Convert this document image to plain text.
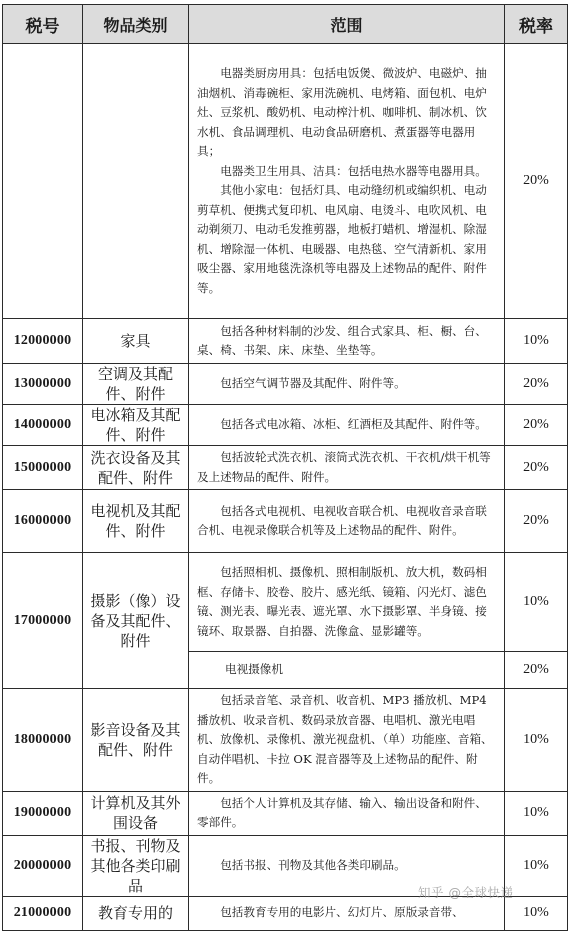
税号	物品类别	范围	税率

		电器类厨房用具：包括电饭煲、微波炉、电磁炉、抽油烟机、消毒碗柜、家用洗碗机、电烤箱、面包机、电炉灶、豆浆机、酸奶机、电动榨汁机、咖啡机、制冰机、饮水机、食品调理机、电动食品研磨机、煮蛋器等电器用具；
电器类卫生用具、洁具：包括电热水器等电器用具。
其他小家电：包括灯具、电动缝纫机或编织机、电动剪草机、便携式复印机、电风扇、电烫斗、电吹风机、电动剃须刀、电动毛发推剪器，地板打蜡机、增湿机、除湿机、增除湿一体机、电暖器、电热毯、空气清新机、家用吸尘器、家用地毯洗涤机等电器及上述物品的配件、附件等。	20%
12000000	家具	包括各种材料制的沙发、组合式家具、柜、橱、台、桌、椅、书架、床、床垫、坐垫等。	10%
13000000	空调及其配件、附件	包括空气调节器及其配件、附件等。	20%
14000000	电冰箱及其配件、附件	包括各式电冰箱、冰柜、红酒柜及其配件、附件等。	20%
15000000	洗衣设备及其配件、附件	包括波轮式洗衣机、滚筒式洗衣机、干衣机/烘干机等及上述物品的配件、附件。	20%
16000000	电视机及其配件、附件	包括各式电视机、电视收音联合机、电视收音录音联合机、电视录像联合机等及上述物品的配件、附件。	20%
17000000	摄影（像）设备及其配件、附件	包括照相机、摄像机、照相制版机、放大机，数码相框、存储卡、胶卷、胶片、感光纸、镜箱、闪光灯、滤色镜、测光表、曝光表、遮光罩、水下摄影罩、半身镜、接镜环、取景器、自拍器、洗像盒、显影罐等。	10%

		电视摄像机	20%
18000000	影音设备及其配件、附件	包括录音笔、录音机、收音机、MP3 播放机、MP4 播放机、收录音机、数码录放音器、电唱机、激光电唱机、放像机、录像机、激光视盘机、（单）功能座、音箱、自动伴唱机、卡拉 OK 混音器等及上述物品的配件、附件。	10%
19000000	计算机及其外围设备	包括个人计算机及其存储、输入、输出设备和附件、零部件。	10%
20000000	书报、刊物及其他各类印刷品	包括书报、刊物及其他各类印刷品。	10%
21000000	教育专用的	包括教育专用的电影片、幻灯片、原版录音带、	10%
知乎 @全球快递
